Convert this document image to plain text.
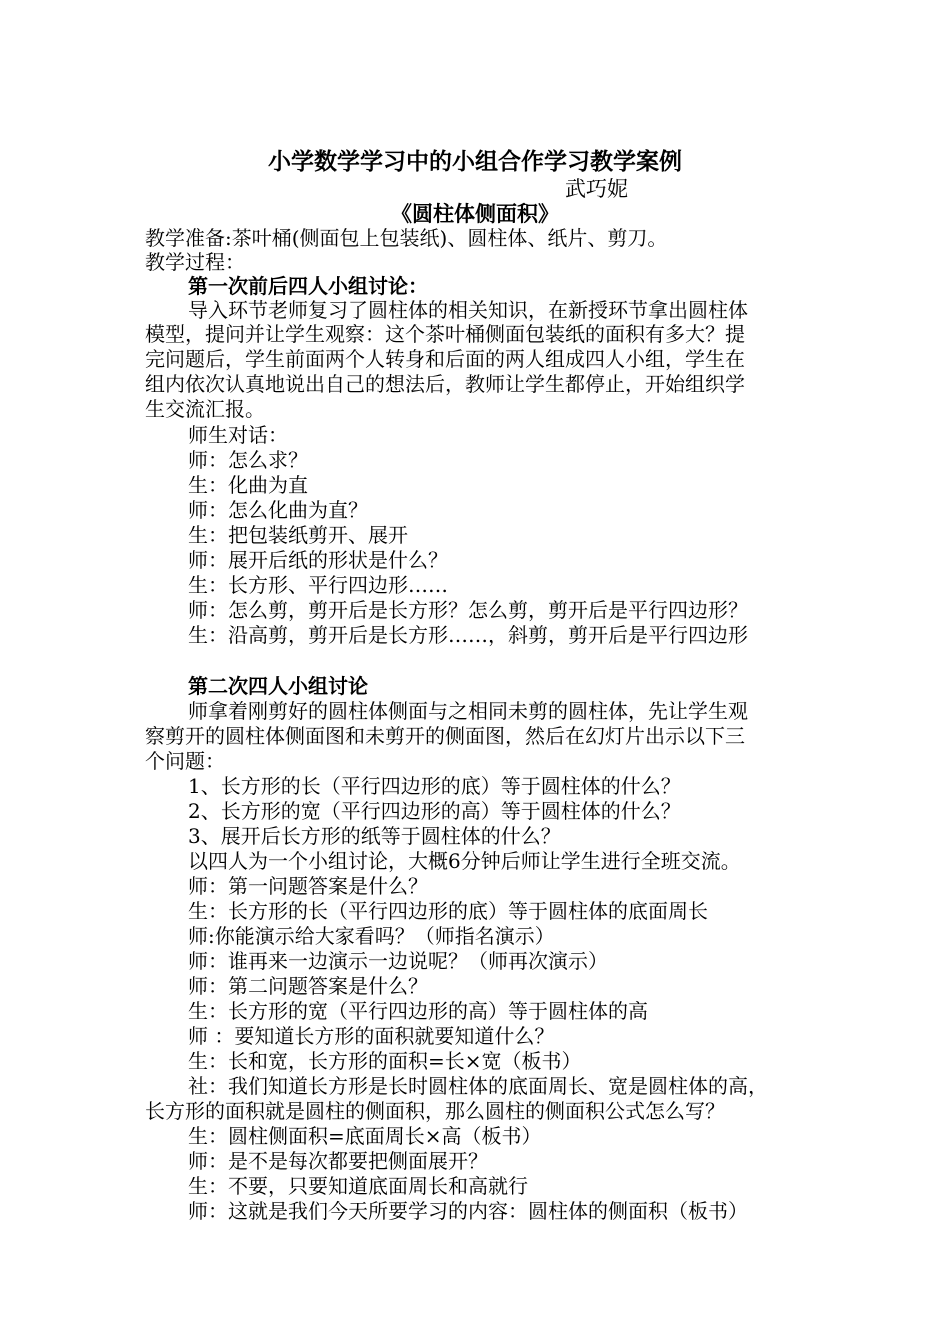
小学数学学习中的小组合作学习教学案例
武巧妮
《圆柱体侧面积》
教学准备:茶叶桶(侧面包上包装纸)、圆柱体、纸片、剪刀。
教学过程：
第一次前后四人小组讨论：
导入环节老师复习了圆柱体的相关知识，在新授环节拿出圆柱体
模型，提问并让学生观察：这个茶叶桶侧面包装纸的面积有多大？提
完问题后，学生前面两个人转身和后面的两人组成四人小组，学生在
组内依次认真地说出自己的想法后，教师让学生都停止，开始组织学
生交流汇报。
师生对话：
师：怎么求？
生：化曲为直
师：怎么化曲为直？
生：把包装纸剪开、展开
师：展开后纸的形状是什么？
生：长方形、平行四边形……
师：怎么剪，剪开后是长方形？怎么剪，剪开后是平行四边形？
生：沿高剪，剪开后是长方形……，斜剪，剪开后是平行四边形
第二次四人小组讨论
师拿着刚剪好的圆柱体侧面与之相同未剪的圆柱体，先让学生观
察剪开的圆柱体侧面图和未剪开的侧面图，然后在幻灯片出示以下三
个问题：
1、长方形的长（平行四边形的底）等于圆柱体的什么？
2、长方形的宽（平行四边形的高）等于圆柱体的什么？
3、展开后长方形的纸等于圆柱体的什么？
以四人为一个小组讨论，大概6分钟后师让学生进行全班交流。
师：第一问题答案是什么？
生：长方形的长（平行四边形的底）等于圆柱体的底面周长
师:你能演示给大家看吗？（师指名演示）
师：谁再来一边演示一边说呢？（师再次演示）
师：第二问题答案是什么？
生：长方形的宽（平行四边形的高）等于圆柱体的高
师 ：要知道长方形的面积就要知道什么？
生：长和宽，长方形的面积=长×宽（板书）
社：我们知道长方形是长时圆柱体的底面周长、宽是圆柱体的高，
长方形的面积就是圆柱的侧面积，那么圆柱的侧面积公式怎么写？
生：圆柱侧面积=底面周长×高（板书）
师：是不是每次都要把侧面展开？
生：不要，只要知道底面周长和高就行
师：这就是我们今天所要学习的内容：圆柱体的侧面积（板书）
